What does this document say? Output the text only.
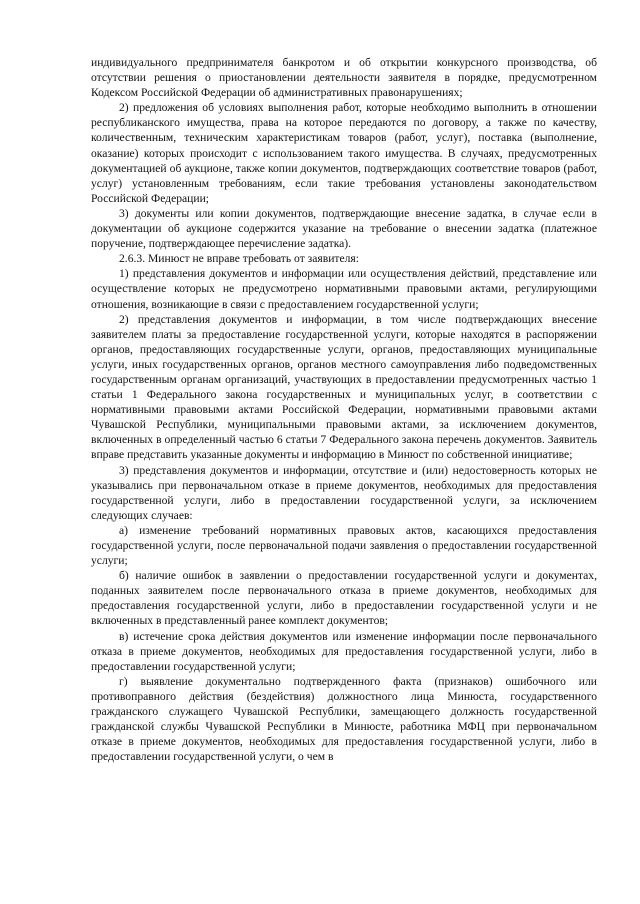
индивидуального предпринимателя банкротом и об открытии конкурсного производства, об отсутствии решения о приостановлении деятельности заявителя в порядке, предусмотренном Кодексом Российской Федерации об административных правонарушениях;

2) предложения об условиях выполнения работ, которые необходимо выполнить в отношении республиканского имущества, права на которое передаются по договору, а также по качеству, количественным, техническим характеристикам товаров (работ, услуг), поставка (выполнение, оказание) которых происходит с использованием такого имущества. В случаях, предусмотренных документацией об аукционе, также копии документов, подтверждающих соответствие товаров (работ, услуг) установленным требованиям, если такие требования установлены законодательством Российской Федерации;

3) документы или копии документов, подтверждающие внесение задатка, в случае если в документации об аукционе содержится указание на требование о внесении задатка (платежное поручение, подтверждающее перечисление задатка).

2.6.3. Минюст не вправе требовать от заявителя:

1) представления документов и информации или осуществления действий, представление или осуществление которых не предусмотрено нормативными правовыми актами, регулирующими отношения, возникающие в связи с предоставлением государственной услуги;

2) представления документов и информации, в том числе подтверждающих внесение заявителем платы за предоставление государственной услуги, которые находятся в распоряжении органов, предоставляющих государственные услуги, органов, предоставляющих муниципальные услуги, иных государственных органов, органов местного самоуправления либо подведомственных государственным органам организаций, участвующих в предоставлении предусмотренных частью 1 статьи 1 Федерального закона государственных и муниципальных услуг, в соответствии с нормативными правовыми актами Российской Федерации, нормативными правовыми актами Чувашской Республики, муниципальными правовыми актами, за исключением документов, включенных в определенный частью 6 статьи 7 Федерального закона перечень документов. Заявитель вправе представить указанные документы и информацию в Минюст по собственной инициативе;

3) представления документов и информации, отсутствие и (или) недостоверность которых не указывались при первоначальном отказе в приеме документов, необходимых для предоставления государственной услуги, либо в предоставлении государственной услуги, за исключением следующих случаев:

а) изменение требований нормативных правовых актов, касающихся предоставления государственной услуги, после первоначальной подачи заявления о предоставлении государственной услуги;

б) наличие ошибок в заявлении о предоставлении государственной услуги и документах, поданных заявителем после первоначального отказа в приеме документов, необходимых для предоставления государственной услуги, либо в предоставлении государственной услуги и не включенных в представленный ранее комплект документов;

в) истечение срока действия документов или изменение информации после первоначального отказа в приеме документов, необходимых для предоставления государственной услуги, либо в предоставлении государственной услуги;

г) выявление документально подтвержденного факта (признаков) ошибочного или противоправного действия (бездействия) должностного лица Минюста, государственного гражданского служащего Чувашской Республики, замещающего должность государственной гражданской службы Чувашской Республики в Минюсте, работника МФЦ при первоначальном отказе в приеме документов, необходимых для предоставления государственной услуги, либо в предоставлении государственной услуги, о чем в
